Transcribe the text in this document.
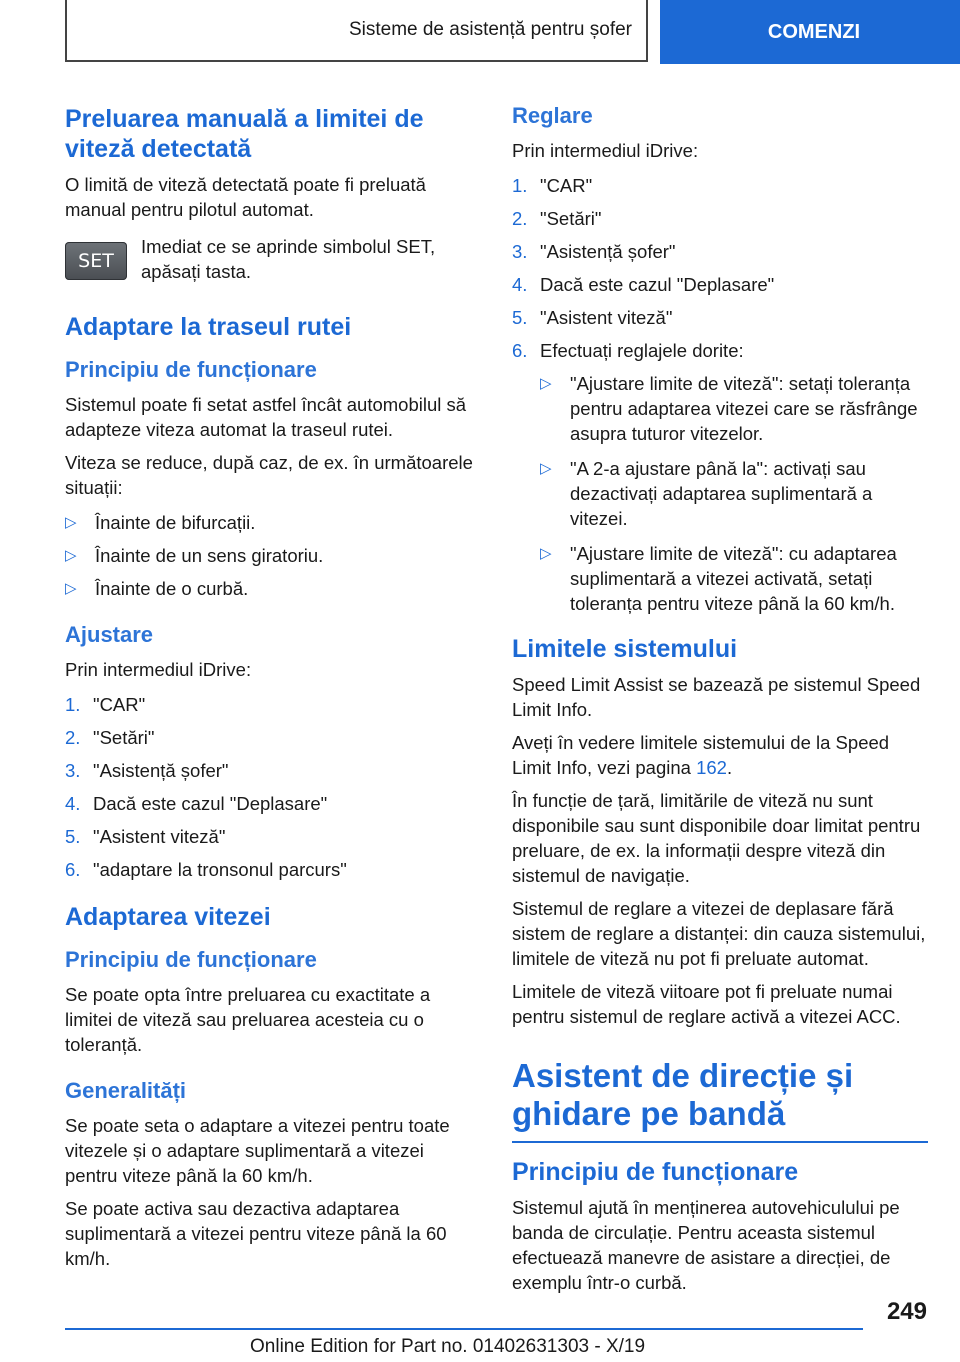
Sisteme de asistență pentru șofer	COMENZI
Preluarea manuală a limitei de viteză detectată

O limită de viteză detectată poate fi preluată manual pentru pilotul automat.

SET
Imediat ce se aprinde simbolul SET, apăsați tasta.
Adaptare la traseul rutei
Principiu de funcționare

Sistemul poate fi setat astfel încât automobilul să adapteze viteza automat la traseul rutei.

Viteza se reduce, după caz, de ex. în următoarele situații:

▷ Înainte de bifurcații.
▷ Înainte de un sens giratoriu.
▷ Înainte de o curbă.
Ajustare

Prin intermediul iDrive:

1. "CAR"
2. "Setări"
3. "Asistență șofer"
4. Dacă este cazul "Deplasare"
5. "Asistent viteză"
6. "adaptare la tronsonul parcurs"
Adaptarea vitezei
Principiu de funcționare

Se poate opta între preluarea cu exactitate a limitei de viteză sau preluarea acesteia cu o toleranță.

Generalități

Se poate seta o adaptare a vitezei pentru toate vitezele și o adaptare suplimentară a vitezei pentru viteze până la 60 km/h.

Se poate activa sau dezactiva adaptarea suplimentară a vitezei pentru viteze până la 60 km/h.

Reglare

Prin intermediul iDrive:

1. "CAR"
2. "Setări"
3. "Asistență șofer"
4. Dacă este cazul "Deplasare"
5. "Asistent viteză"
6. Efectuați reglajele dorite:
▷ "Ajustare limite de viteză": setați toleranța pentru adaptarea vitezei care se răsfrânge asupra tuturor vitezelor.
▷ "A 2-a ajustare până la": activați sau dezactivați adaptarea suplimentară a vitezei.
▷ "Ajustare limite de viteză": cu adaptarea suplimentară a vitezei activată, setați toleranța pentru viteze până la 60 km/h.
Limitele sistemului

Speed Limit Assist se bazează pe sistemul Speed Limit Info.

Aveți în vedere limitele sistemului de la Speed Limit Info, vezi pagina 162.

În funcție de țară, limitările de viteză nu sunt disponibile sau sunt disponibile doar limitat pentru preluare, de ex. la informații despre viteză din sistemul de navigație.

Sistemul de reglare a vitezei de deplasare fără sistem de reglare a distanței: din cauza sistemului, limitele de viteză nu pot fi preluate automat.

Limitele de viteză viitoare pot fi preluate numai pentru sistemul de reglare activă a vitezei ACC.

Asistent de direcție și ghidare pe bandă
Principiu de funcționare

Sistemul ajută în menținerea autovehiculului pe banda de circulație. Pentru aceasta sistemul efectuează manevre de asistare a direcției, de exemplu într-o curbă.

249
Online Edition for Part no. 01402631303 - X/19
